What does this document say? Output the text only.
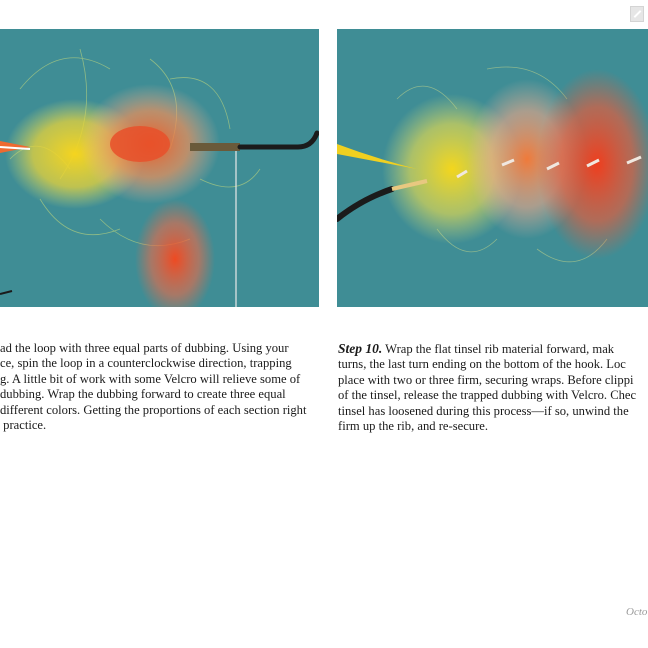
ad the loop with three equal parts of dubbing. Using your
ce, spin the loop in a counterclockwise direction, trapping
g. A little bit of work with some Velcro will relieve some of
dubbing. Wrap the dubbing forward to create three equal
different colors. Getting the proportions of each section right
practice.
Step 10. Wrap the flat tinsel rib material forward, mak
turns, the last turn ending on the bottom of the hook. Loc
place with two or three firm, securing wraps. Before clippi
of the tinsel, release the trapped dubbing with Velcro. Chec
tinsel has loosened during this process—if so, unwind the
firm up the rib, and re-secure.
Octo
